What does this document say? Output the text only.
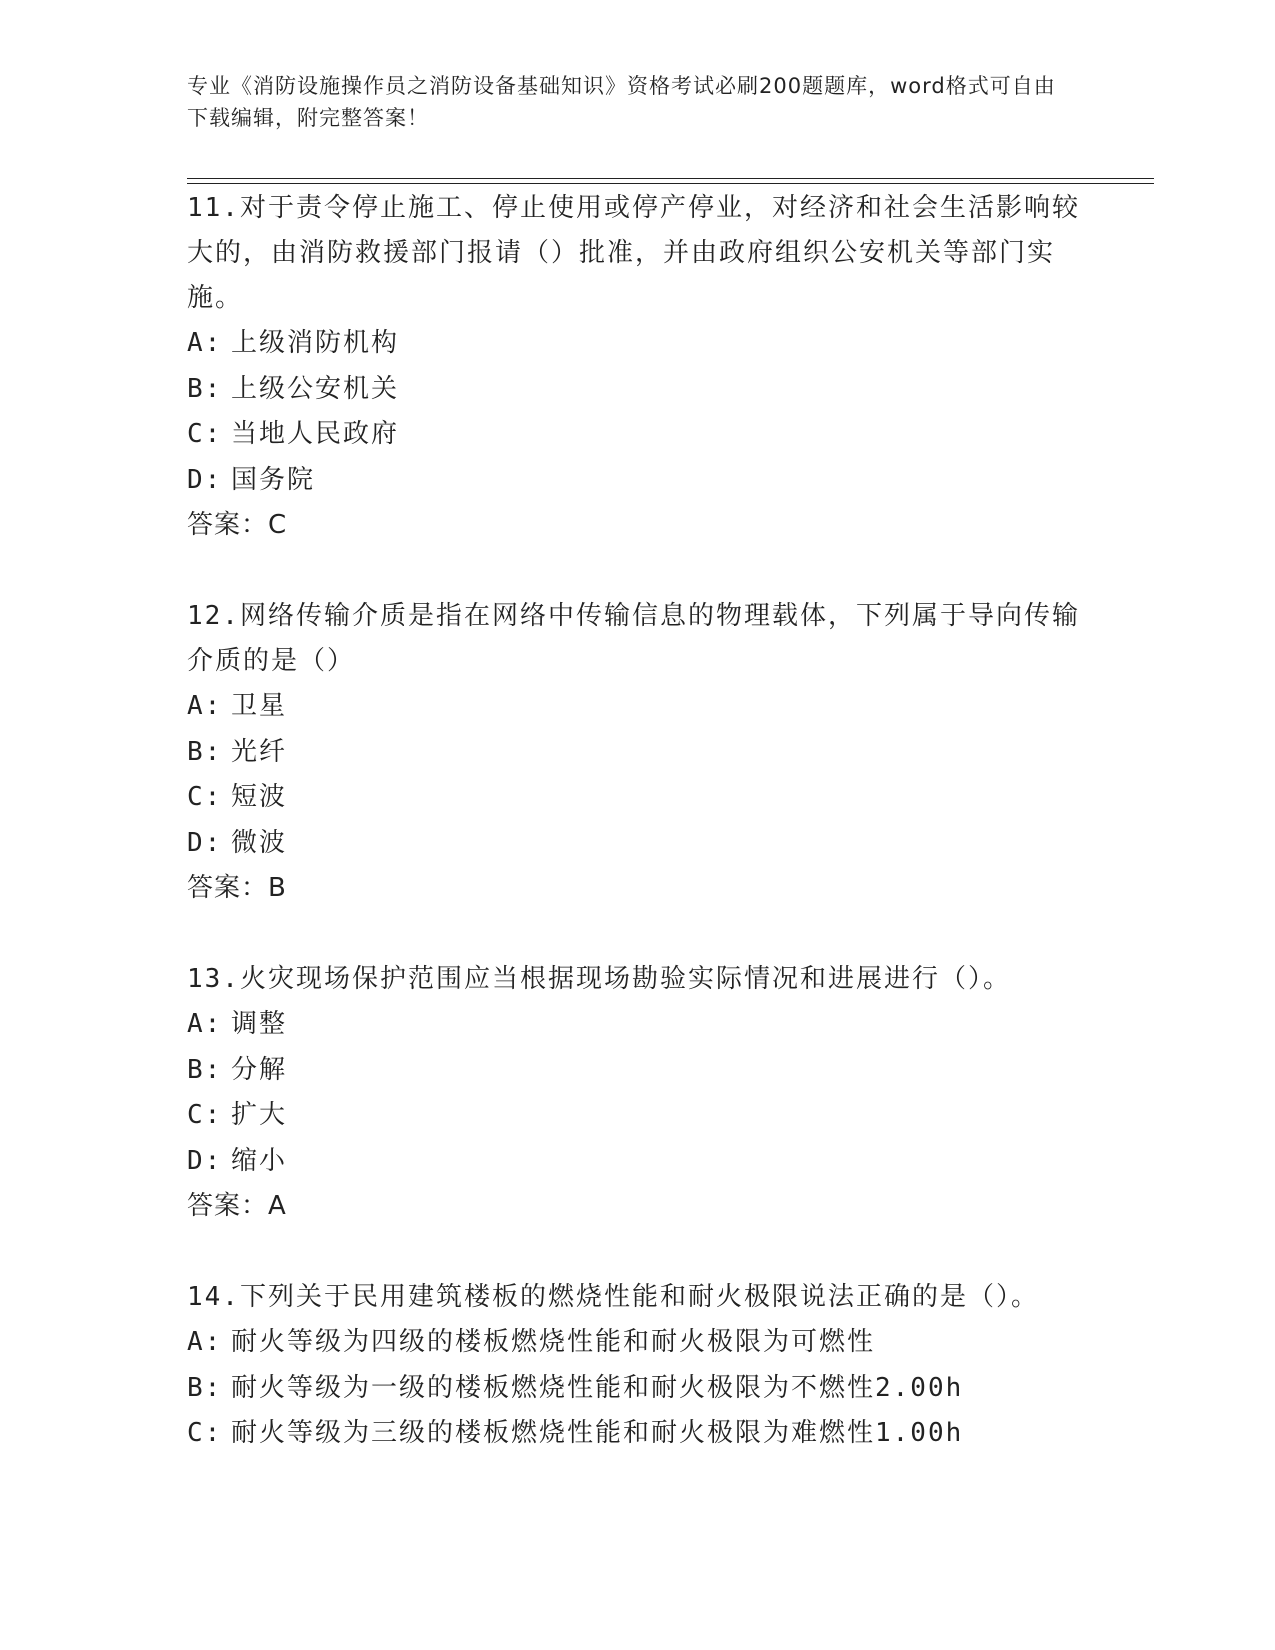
专业《消防设施操作员之消防设备基础知识》资格考试必刷200题题库，word格式可自由下载编辑，附完整答案！

11.对于责令停止施工、停止使用或停产停业，对经济和社会生活影响较大的，由消防救援部门报请（）批准，并由政府组织公安机关等部门实施。

A: 上级消防机构
B: 上级公安机关
C: 当地人民政府
D: 国务院
答案：C

12.网络传输介质是指在网络中传输信息的物理载体，下列属于导向传输介质的是（）

A: 卫星
B: 光纤
C: 短波
D: 微波
答案：B

13.火灾现场保护范围应当根据现场勘验实际情况和进展进行（）。

A: 调整
B: 分解
C: 扩大
D: 缩小
答案：A

14.下列关于民用建筑楼板的燃烧性能和耐火极限说法正确的是（）。

A: 耐火等级为四级的楼板燃烧性能和耐火极限为可燃性
B: 耐火等级为一级的楼板燃烧性能和耐火极限为不燃性2.00h
C: 耐火等级为三级的楼板燃烧性能和耐火极限为难燃性1.00h
